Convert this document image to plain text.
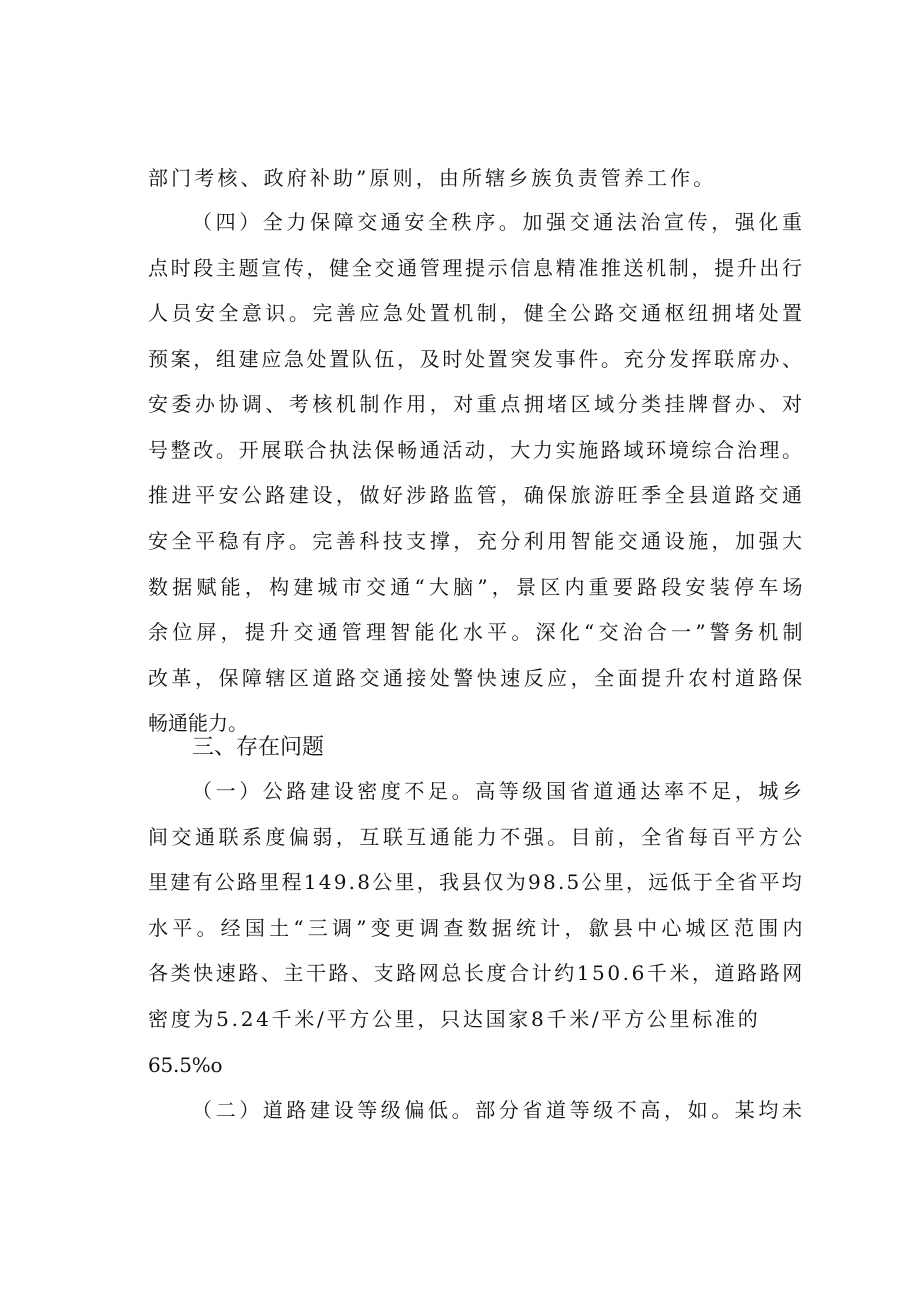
部门考核、政府补助”原则，由所辖乡族负责管养工作。
（四）全力保障交通安全秩序。加强交通法治宣传，强化重
点时段主题宣传，健全交通管理提示信息精准推送机制，提升出行
人员安全意识。完善应急处置机制，健全公路交通枢纽拥堵处置
预案，组建应急处置队伍，及时处置突发事件。充分发挥联席办、
安委办协调、考核机制作用，对重点拥堵区域分类挂牌督办、对
号整改。开展联合执法保畅通活动，大力实施路域环境综合治理。
推进平安公路建设，做好涉路监管，确保旅游旺季全县道路交通
安全平稳有序。完善科技支撑，充分利用智能交通设施，加强大
数据赋能，构建城市交通“大脑”，景区内重要路段安装停车场
余位屏，提升交通管理智能化水平。深化“交治合一”警务机制
改革，保障辖区道路交通接处警快速反应，全面提升农村道路保
畅通能力。
三、存在问题
（一）公路建设密度不足。高等级国省道通达率不足，城乡
间交通联系度偏弱，互联互通能力不强。目前，全省每百平方公
里建有公路里程149.8公里，我县仅为98.5公里，远低于全省平均
水平。经国土“三调”变更调查数据统计，歙县中心城区范围内
各类快速路、主干路、支路网总长度合计约150.6千米，道路路网
密度为5.24千米/平方公里，只达国家8千米/平方公里标准的
65.5%o
（二）道路建设等级偏低。部分省道等级不高，如。某均未
